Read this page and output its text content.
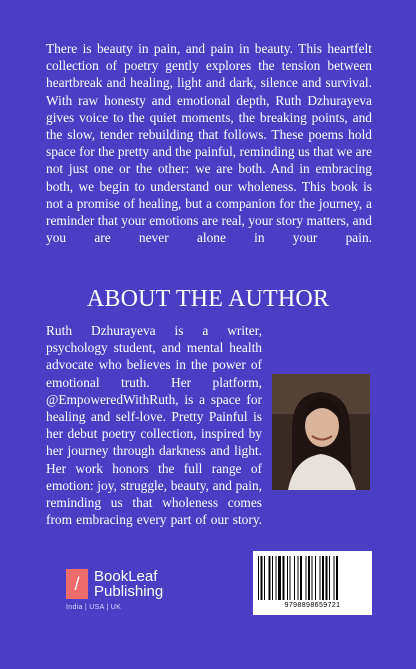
There is beauty in pain, and pain in beauty. This heartfelt collection of poetry gently explores the tension between heartbreak and healing, light and dark, silence and survival. With raw honesty and emotional depth, Ruth Dzhurayeva gives voice to the quiet moments, the breaking points, and the slow, tender rebuilding that follows. These poems hold space for the pretty and the painful, reminding us that we are not just one or the other: we are both. And in embracing both, we begin to understand our wholeness. This book is not a promise of healing, but a companion for the journey, a reminder that your emotions are real, your story matters, and you are never alone in your pain.

ABOUT THE AUTHOR

Ruth Dzhurayeva is a writer, psychology student, and mental health advocate who believes in the power of emotional truth. Her platform, @EmpoweredWithRuth, is a space for healing and self-love. Pretty Painful is her debut poetry collection, inspired by her journey through darkness and light. Her work honors the full range of emotion: joy, struggle, beauty, and pain, reminding us that wholeness comes from embracing every part of our story.

/ BookLeaf
Publishing
India | USA | UK	9798898659721
